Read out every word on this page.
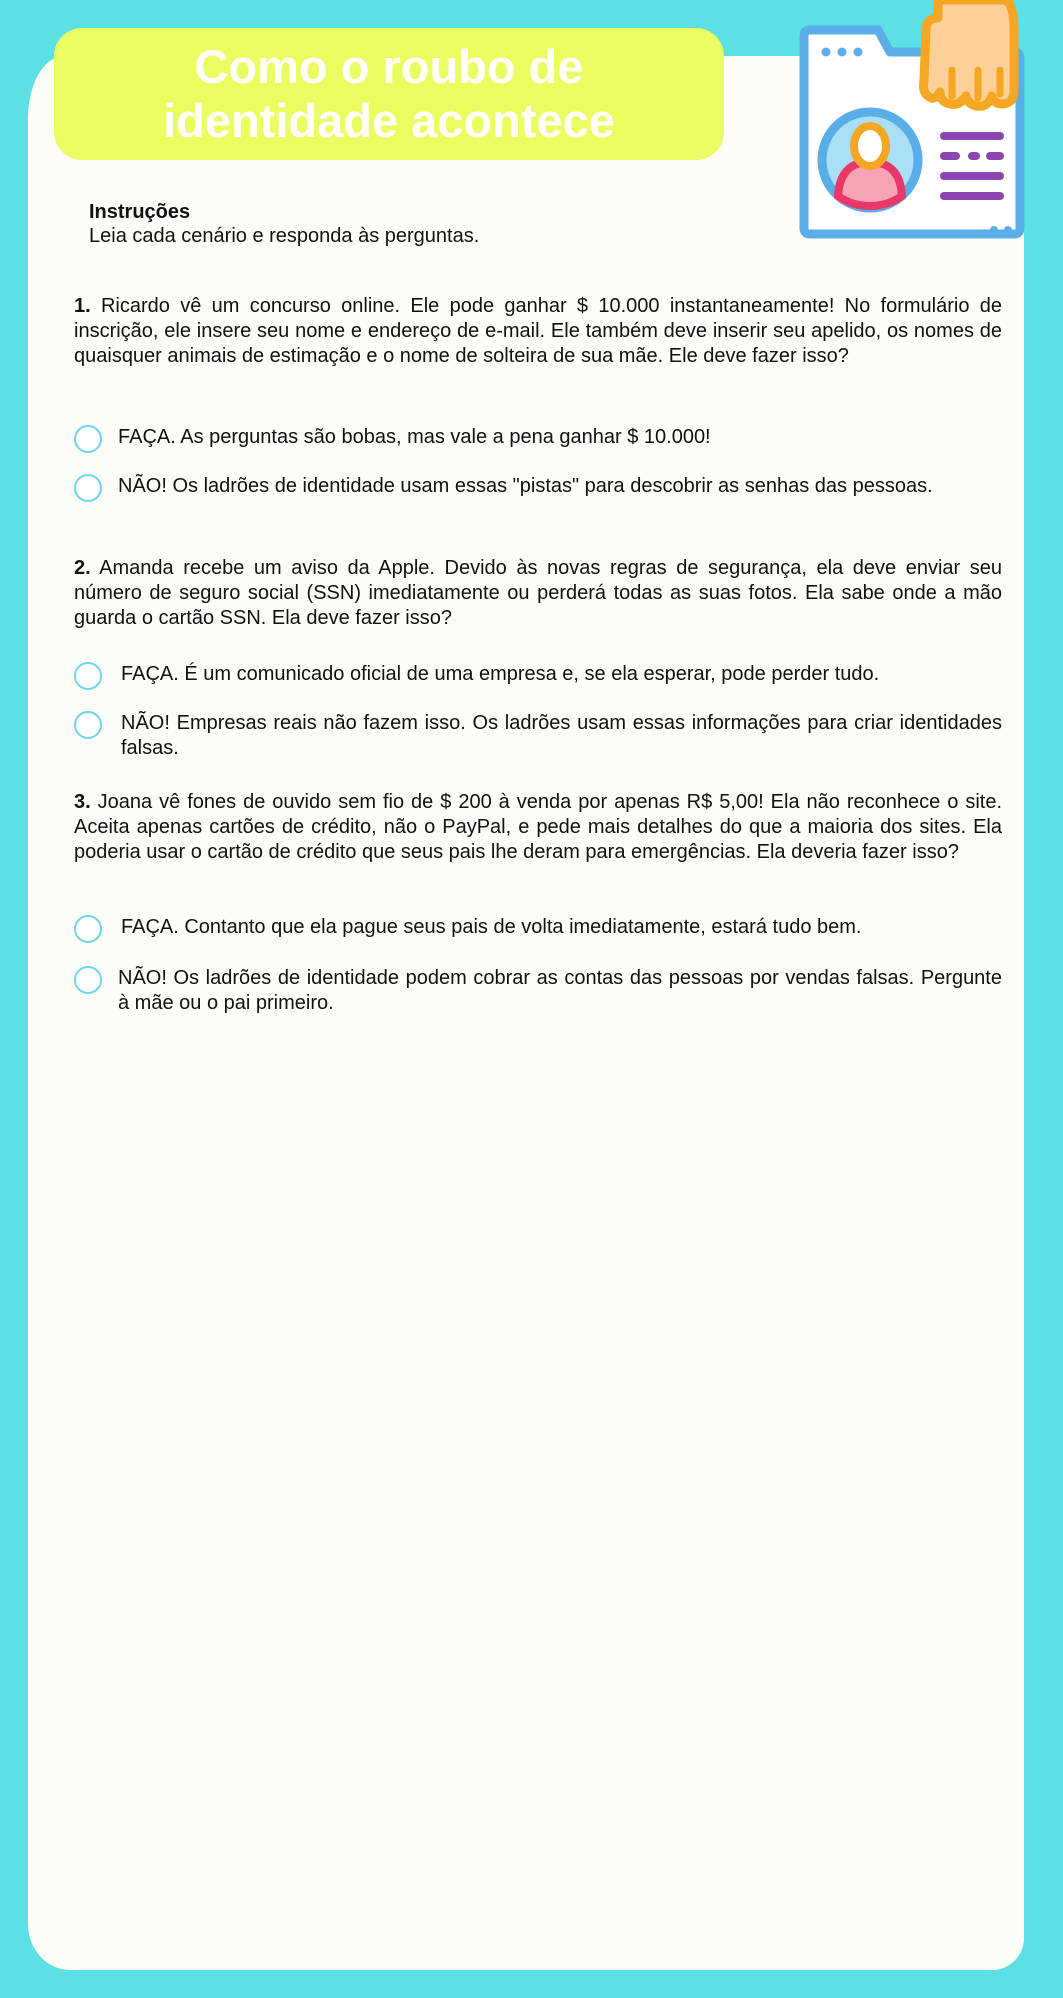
Como o roubo de
identidade acontece
Instruções
Leia cada cenário e responda às perguntas.
1. Ricardo vê um concurso online. Ele pode ganhar $ 10.000 instantaneamente! No formulário de inscrição, ele insere seu nome e endereço de e-mail. Ele também deve inserir seu apelido, os nomes de quaisquer animais de estimação e o nome de solteira de sua mãe. Ele deve fazer isso?
FAÇA. As perguntas são bobas, mas vale a pena ganhar $ 10.000!
NÃO! Os ladrões de identidade usam essas "pistas" para descobrir as senhas das pessoas.
2. Amanda recebe um aviso da Apple. Devido às novas regras de segurança, ela deve enviar seu número de seguro social (SSN) imediatamente ou perderá todas as suas fotos. Ela sabe onde a mão guarda o cartão SSN. Ela deve fazer isso?
FAÇA. É um comunicado oficial de uma empresa e, se ela esperar, pode perder tudo.
NÃO! Empresas reais não fazem isso. Os ladrões usam essas informações para criar identidades falsas.
3. Joana vê fones de ouvido sem fio de $ 200 à venda por apenas R$ 5,00! Ela não reconhece o site. Aceita apenas cartões de crédito, não o PayPal, e pede mais detalhes do que a maioria dos sites. Ela poderia usar o cartão de crédito que seus pais lhe deram para emergências. Ela deveria fazer isso?
FAÇA. Contanto que ela pague seus pais de volta imediatamente, estará tudo bem.
NÃO! Os ladrões de identidade podem cobrar as contas das pessoas por vendas falsas. Pergunte à mãe ou o pai primeiro.
